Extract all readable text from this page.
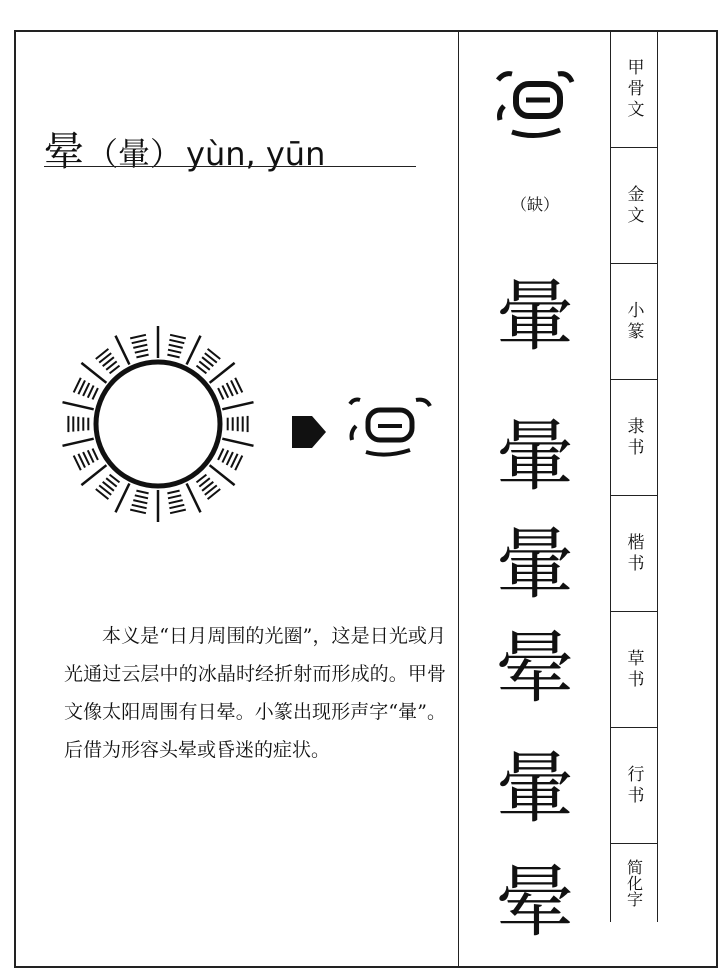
晕（暈） yùn, yūn
本义是“日月周围的光圈”，这是日光或月光通过云层中的冰晶时经折射而形成的。甲骨文像太阳周围有日晕。小篆出现形声字“暈”。后借为形容头晕或昏迷的症状。
（缺）
暈
暈
暈
晕
暈
晕
甲骨文
金文
小篆
隶书
楷书
草书
行书
简化字
